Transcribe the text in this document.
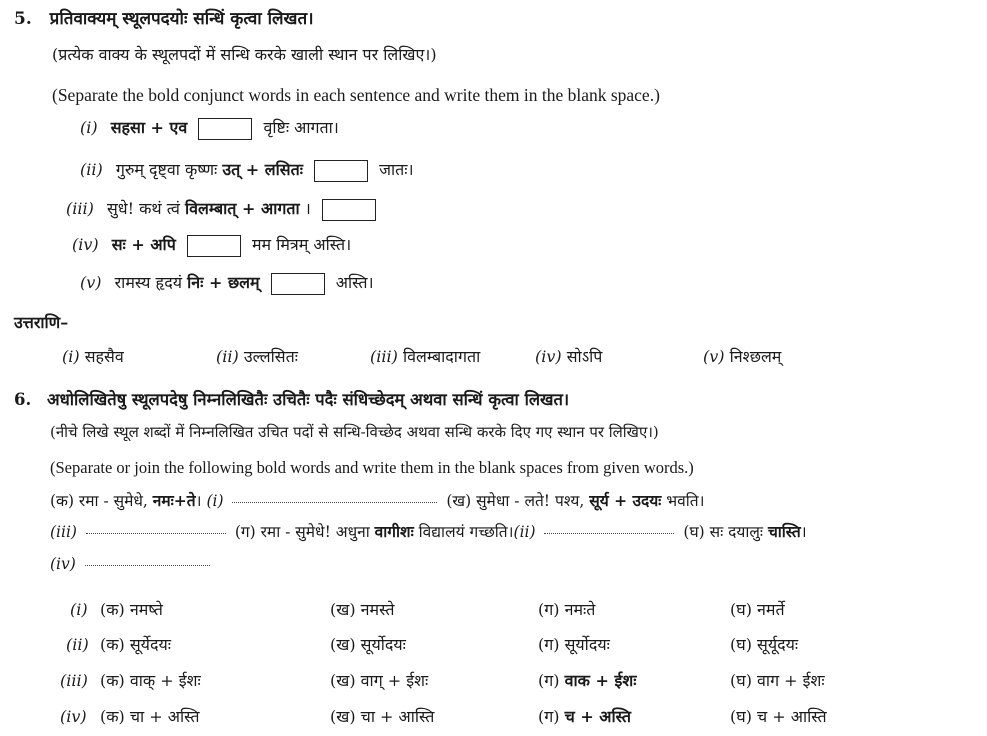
5. प्रतिवाक्यम् स्थूलपदयोः सन्धिं कृत्वा लिखत।
(प्रत्येक वाक्य के स्थूलपदों में सन्धि करके खाली स्थान पर लिखिए।)
(Separate the bold conjunct words in each sentence and write them in the blank space.)
(i) सहसा + एव	वृष्टिः आगता।
(ii) गुरुम् दृष्ट्वा कृष्णः उत् + लसितः	जातः।
(iii) सुधे! कथं त्वं विलम्बात् + आगता ।
(iv) सः + अपि	मम मित्रम् अस्ति।
(v) रामस्य हृदयं निः + छलम्	अस्ति।
उत्तराणि–
(i) सहसैव	(ii) उल्लसितः	(iii) विलम्बादागता	(iv) सोऽपि	(v) निश्छलम्
6. अधोलिखितेषु स्थूलपदेषु निम्नलिखितैः उचितैः पदैः संधिच्छेदम् अथवा सन्धिं कृत्वा लिखत।
(नीचे लिखे स्थूल शब्दों में निम्नलिखित उचित पदों से सन्धि-विच्छेद अथवा सन्धि करके दिए गए स्थान पर लिखिए।)
(Separate or join the following bold words and write them in the blank spaces from given words.)
(क) रमा - सुमेधे, नमः+ते। (i)	(ख) सुमेधा - लते! पश्य, सूर्य + उदयः भवति।
(iii)	(ग) रमा - सुमेधे! अधुना वागीशः विद्यालयं गच्छति।(ii)	(घ) सः दयालुः चास्ति।
(iv)
(i) (क) नमष्ते	(ख) नमस्ते	(ग) नमःते	(घ) नमर्ते
(ii) (क) सूर्येदयः	(ख) सूर्योदयः	(ग) सूर्योदयः	(घ) सूर्यूदयः
(iii) (क) वाक् + ईशः	(ख) वाग् + ईशः	(ग) वाक + ईशः	(घ) वाग + ईशः
(iv) (क) चा + अस्ति	(ख) चा + आस्ति	(ग) च + अस्ति	(घ) च + आस्ति
